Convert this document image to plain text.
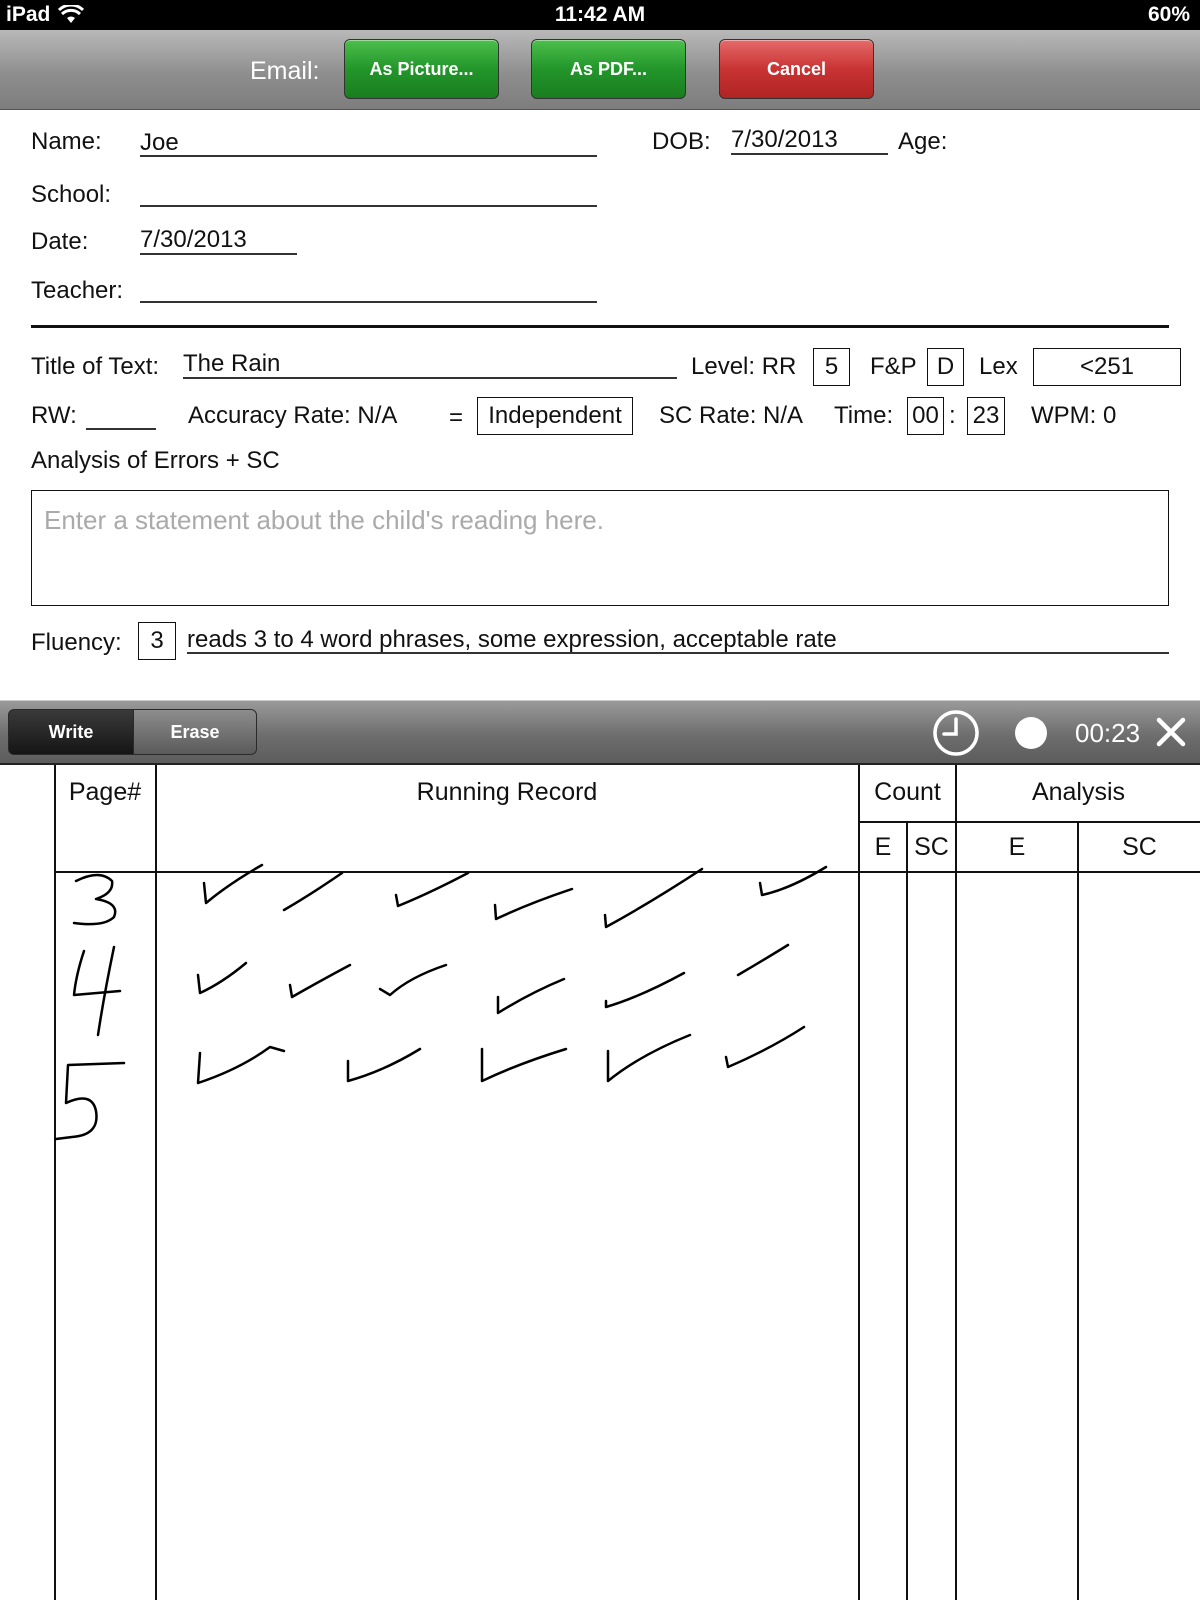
iPad	11:42 AM	60%
Email:	As Picture...	As PDF...	Cancel
Name: Joe	DOB: 7/30/2013	Age:
School:
Date: 7/30/2013
Teacher:
Title of Text: The Rain	Level: RR	5	F&P D	Lex	<251
RW:	Accuracy Rate: N/A =	Independent	SC Rate: N/A Time: 00 : 23 WPM: 0
Analysis of Errors + SC
Enter a statement about the child's reading here.
Fluency:	3 reads 3 to 4 word phrases, some expression, acceptable rate
Write	Erase	00:23
Page#	Running Record	Count	Analysis
E SC	E	SC
